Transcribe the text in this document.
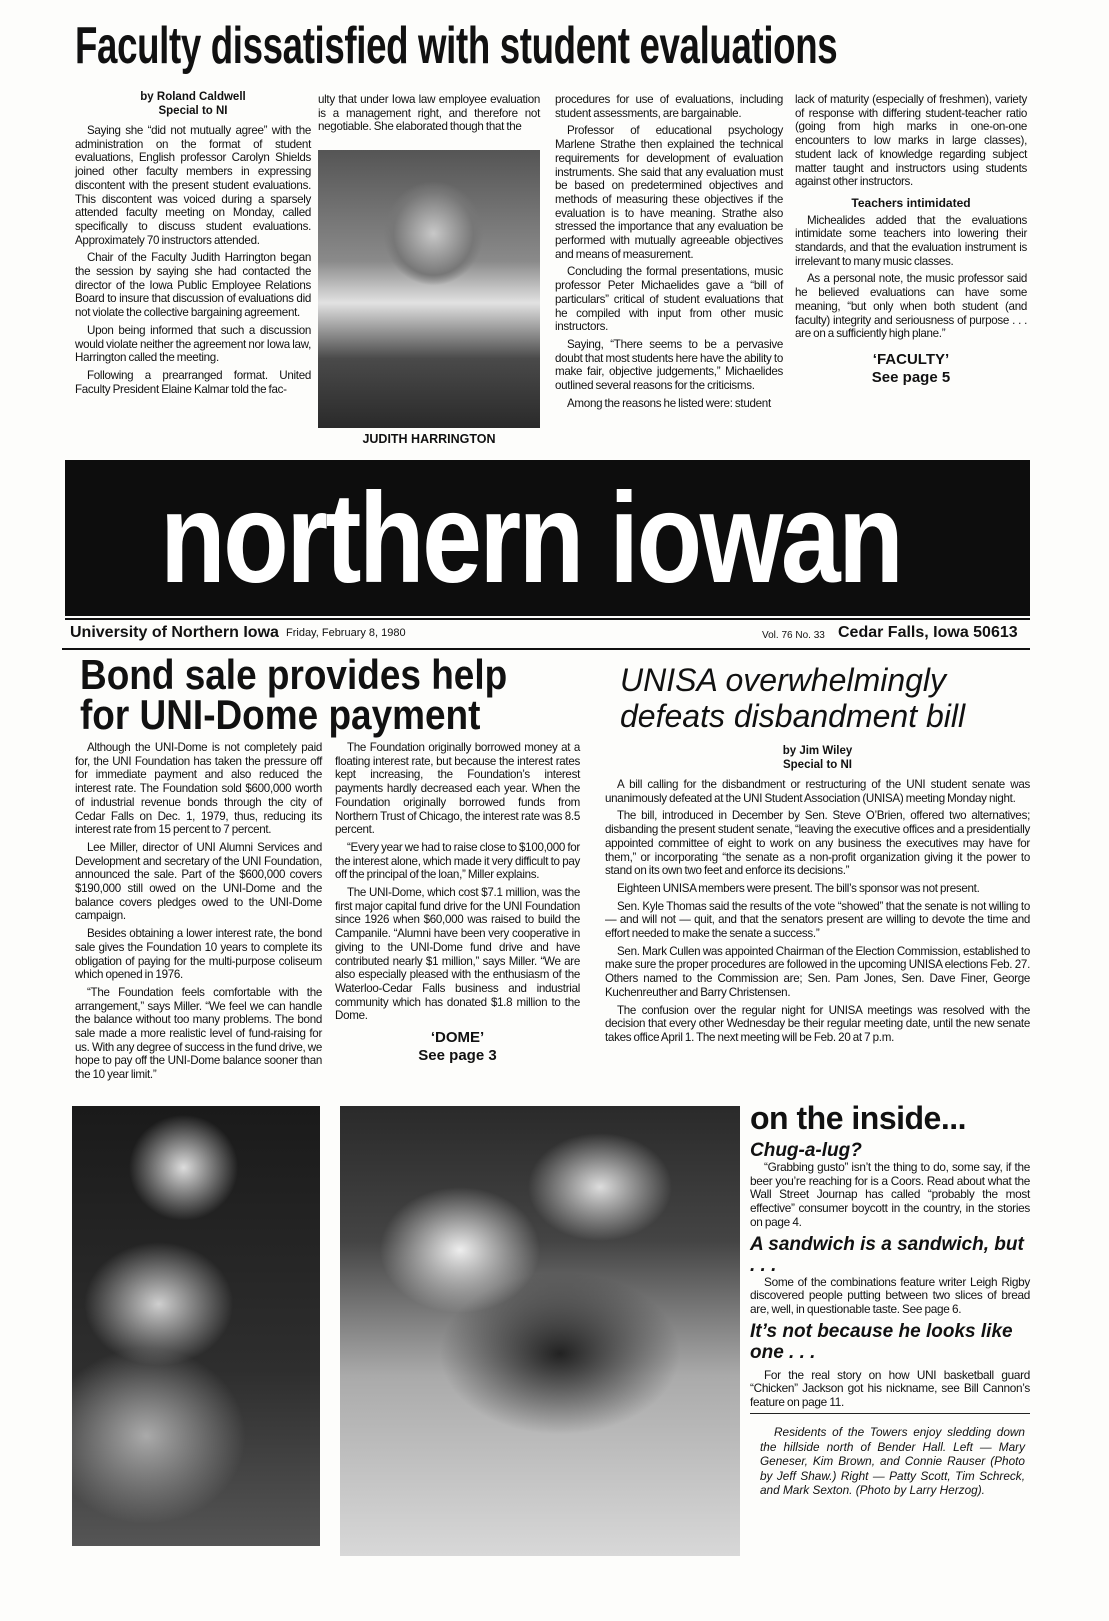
Faculty dissatisfied with student evaluations
by Roland Caldwell
Special to NI

Saying she “did not mutually agree” with the administration on the format of student evaluations, English professor Carolyn Shields joined other faculty members in expressing discontent with the present student evaluations. This discontent was voiced during a sparsely attended faculty meeting on Monday, called specifically to discuss student evaluations. Approximately 70 instructors attended.

Chair of the Faculty Judith Harrington began the session by saying she had contacted the director of the Iowa Public Employee Relations Board to insure that discussion of evaluations did not violate the collective bargaining agreement.

Upon being informed that such a discussion would violate neither the agreement nor Iowa law, Harrington called the meeting.

Following a prearranged format. United Faculty President Elaine Kalmar told the fac-

ulty that under Iowa law employee evaluation is a management right, and therefore not negotiable. She elaborated though that the

JUDITH HARRINGTON

procedures for use of evaluations, including student assessments, are bargainable.

Professor of educational psychology Marlene Strathe then explained the technical requirements for development of evaluation instruments. She said that any evaluation must be based on predetermined objectives and methods of measuring these objectives if the evaluation is to have meaning. Strathe also stressed the importance that any evaluation be performed with mutually agreeable objectives and means of measurement.

Concluding the formal presentations, music professor Peter Michaelides gave a “bill of particulars” critical of student evaluations that he compiled with input from other music instructors.

Saying, “There seems to be a pervasive doubt that most students here have the ability to make fair, objective judgements,” Michaelides outlined several reasons for the criticisms.

Among the reasons he listed were: student

lack of maturity (especially of freshmen), variety of response with differing student-teacher ratio (going from high marks in one-on-one encounters to low marks in large classes), student lack of knowledge regarding subject matter taught and instructors using students against other instructors.

Teachers intimidated

Michealides added that the evaluations intimidate some teachers into lowering their standards, and that the evaluation instrument is irrelevant to many music classes.

As a personal note, the music professor said he believed evaluations can have some meaning, “but only when both student (and faculty) integrity and seriousness of purpose . . . are on a sufficiently high plane.”

‘FACULTY’
See page 5
northern iowan
University of Northern Iowa Friday, February 8, 1980	Vol. 76 No. 33 Cedar Falls, Iowa 50613
Bond sale provides help
for UNI-Dome payment

Although the UNI-Dome is not completely paid for, the UNI Foundation has taken the pressure off for immediate payment and also reduced the interest rate. The Foundation sold $600,000 worth of industrial revenue bonds through the city of Cedar Falls on Dec. 1, 1979, thus, reducing its interest rate from 15 percent to 7 percent.

Lee Miller, director of UNI Alumni Services and Development and secretary of the UNI Foundation, announced the sale. Part of the $600,000 covers $190,000 still owed on the UNI-Dome and the balance covers pledges owed to the UNI-Dome campaign.

Besides obtaining a lower interest rate, the bond sale gives the Foundation 10 years to complete its obligation of paying for the multi-purpose coliseum which opened in 1976.

“The Foundation feels comfortable with the arrangement,” says Miller. “We feel we can handle the balance without too many problems. The bond sale made a more realistic level of fund-raising for us. With any degree of success in the fund drive, we hope to pay off the UNI-Dome balance sooner than the 10 year limit.”

The Foundation originally borrowed money at a floating interest rate, but because the interest rates kept increasing, the Foundation’s interest payments hardly decreased each year. When the Foundation originally borrowed funds from Northern Trust of Chicago, the interest rate was 8.5 percent.

“Every year we had to raise close to $100,000 for the interest alone, which made it very difficult to pay off the principal of the loan,” Miller explains.

The UNI-Dome, which cost $7.1 million, was the first major capital fund drive for the UNI Foundation since 1926 when $60,000 was raised to build the Campanile. “Alumni have been very cooperative in giving to the UNI-Dome fund drive and have contributed nearly $1 million,” says Miller. “We are also especially pleased with the enthusiasm of the Waterloo-Cedar Falls business and industrial community which has donated $1.8 million to the Dome.

‘DOME’
See page 3
UNISA overwhelmingly
defeats disbandment bill
by Jim Wiley
Special to NI

A bill calling for the disbandment or restructuring of the UNI student senate was unanimously defeated at the UNI Student Association (UNISA) meeting Monday night.

The bill, introduced in December by Sen. Steve O’Brien, offered two alternatives; disbanding the present student senate, “leaving the executive offices and a presidentially appointed committee of eight to work on any business the executives may have for them,” or incorporating “the senate as a non-profit organization giving it the power to stand on its own two feet and enforce its decisions.”

Eighteen UNISA members were present. The bill’s sponsor was not present.

Sen. Kyle Thomas said the results of the vote “showed” that the senate is not willing to — and will not — quit, and that the senators present are willing to devote the time and effort needed to make the senate a success.”

Sen. Mark Cullen was appointed Chairman of the Election Commission, established to make sure the proper procedures are followed in the upcoming UNISA elections Feb. 27. Others named to the Commission are; Sen. Pam Jones, Sen. Dave Finer, George Kuchenreuther and Barry Christensen.

The confusion over the regular night for UNISA meetings was resolved with the decision that every other Wednesday be their regular meeting date, until the new senate takes office April 1. The next meeting will be Feb. 20 at 7 p.m.

on the inside...
Chug-a-lug?
“Grabbing gusto” isn’t the thing to do, some say, if the beer you’re reaching for is a Coors. Read about what the Wall Street Journap has called “probably the most effective” consumer boycott in the country, in the stories on page 4.
A sandwich is a sandwich, but . . .
Some of the combinations feature writer Leigh Rigby discovered people putting between two slices of bread are, well, in questionable taste. See page 6.
It’s not because he looks like one . . .
For the real story on how UNI basketball guard “Chicken” Jackson got his nickname, see Bill Cannon’s feature on page 11.
Residents of the Towers enjoy sledding down the hillside north of Bender Hall. Left — Mary Geneser, Kim Brown, and Connie Rauser (Photo by Jeff Shaw.) Right — Patty Scott, Tim Schreck, and Mark Sexton. (Photo by Larry Herzog).
